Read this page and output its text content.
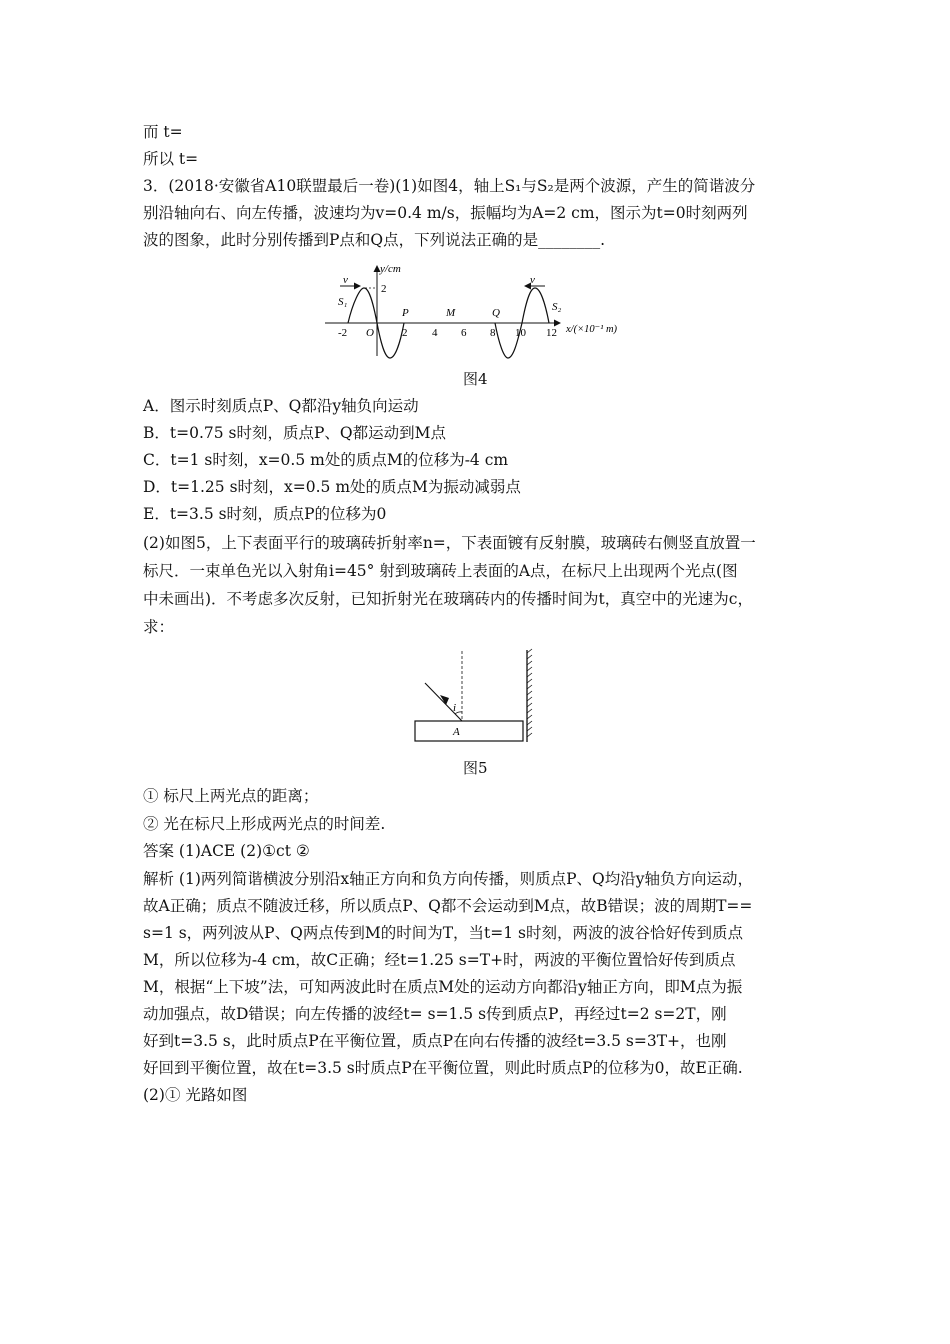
而 t=
所以 t=
3．(2018·安徽省A10联盟最后一卷)(1)如图4，轴上S₁与S₂是两个波源，产生的简谐波分
别沿轴向右、向左传播，波速均为v=0.4 m/s，振幅均为A=2 cm，图示为t=0时刻两列
波的图象，此时分别传播到P点和Q点，下列说法正确的是________.
v	v
y/cm
2
S₁	S₂
P	M	Q
-2 O	2 4 6 8 10 12 x/(×10⁻¹ m)
图4
A．图示时刻质点P、Q都沿y轴负向运动
B．t=0.75 s时刻，质点P、Q都运动到M点
C．t=1 s时刻，x=0.5 m处的质点M的位移为-4 cm
D．t=1.25 s时刻，x=0.5 m处的质点M为振动减弱点
E．t=3.5 s时刻，质点P的位移为0
(2)如图5，上下表面平行的玻璃砖折射率n=，下表面镀有反射膜，玻璃砖右侧竖直放置一
标尺．一束单色光以入射角i=45° 射到玻璃砖上表面的A点，在标尺上出现两个光点(图
中未画出)．不考虑多次反射，已知折射光在玻璃砖内的传播时间为t，真空中的光速为c，
求：
i
A
图5
① 标尺上两光点的距离；
② 光在标尺上形成两光点的时间差.
答案 (1)ACE (2)①ct ②
解析 (1)两列简谐横波分别沿x轴正方向和负方向传播，则质点P、Q均沿y轴负方向运动，
故A正确；质点不随波迁移，所以质点P、Q都不会运动到M点，故B错误；波的周期T==
s=1 s，两列波从P、Q两点传到M的时间为T，当t=1 s时刻，两波的波谷恰好传到质点
M，所以位移为-4 cm，故C正确；经t=1.25 s=T+时，两波的平衡位置恰好传到质点
M，根据“上下坡”法，可知两波此时在质点M处的运动方向都沿y轴正方向，即M点为振
动加强点，故D错误；向左传播的波经t= s=1.5 s传到质点P，再经过t=2 s=2T，刚
好到t=3.5 s，此时质点P在平衡位置，质点P在向右传播的波经t=3.5 s=3T+，也刚
好回到平衡位置，故在t=3.5 s时质点P在平衡位置，则此时质点P的位移为0，故E正确.
(2)① 光路如图
